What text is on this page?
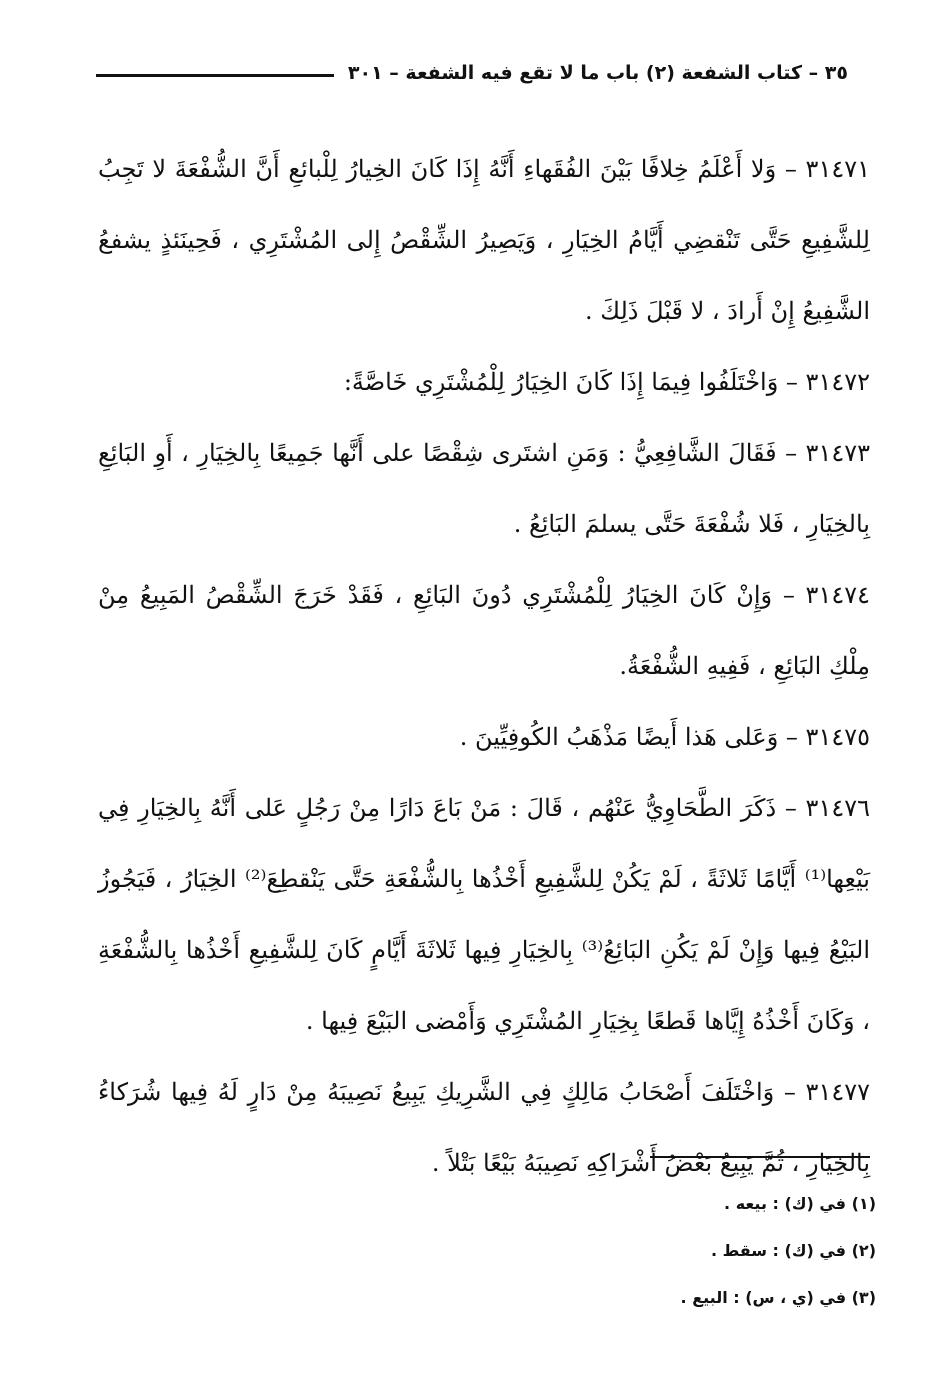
٣٥ – كتاب الشفعة (٢) باب ما لا تقع فيه الشفعة – ٣٠١

٣١٤٧١ – وَلا أَعْلَمُ خِلافًا بَيْنَ الفُقَهاءِ أَنَّهُ إِذَا كَانَ الخِيارُ لِلْبائعِ أَنَّ الشُّفْعَةَ لا تَجِبُ لِلشَّفِيعِ حَتَّى تَنْقضِي أَيَّامُ الخِيَارِ ، وَيَصِيرُ الشِّقْصُ إِلى المُشْتَرِي ، فَحِينَئذٍ يشفعُ الشَّفِيعُ إِنْ أَرادَ ، لا قَبْلَ ذَلِكَ .

٣١٤٧٢ – وَاخْتَلَفُوا فِيمَا إِذَا كَانَ الخِيَارُ لِلْمُشْتَرِي خَاصَّةً:

٣١٤٧٣ – فَقَالَ الشَّافِعِيُّ : وَمَنِ اشتَرى شِقْصًا على أَنَّها جَمِيعًا بِالخِيَارِ ، أَوِ البَائِعِ بِالخِيَارِ ، فَلا شُفْعَةَ حَتَّى يسلمَ البَائِعُ .

٣١٤٧٤ – وَإِنْ كَانَ الخِيَارُ لِلْمُشْتَرِي دُونَ البَائِعِ ، فَقَدْ خَرَجَ الشِّقْصُ المَبِيعُ مِنْ مِلْكِ البَائِعِ ، فَفِيهِ الشُّفْعَةُ.

٣١٤٧٥ – وَعَلى هَذا أَيضًا مَذْهَبُ الكُوفِيِّينَ .

٣١٤٧٦ – ذَكَرَ الطَّحَاوِيُّ عَنْهُم ، قَالَ : مَنْ بَاعَ دَارًا مِنْ رَجُلٍ عَلى أَنَّهُ بِالخِيَارِ فِي بَيْعِها⁽¹⁾ أَيَّامًا ثَلاثَةً ، لَمْ يَكُنْ لِلشَّفِيعِ أَخْذُها بِالشُّفْعَةِ حَتَّى يَنْقطِعَ⁽²⁾ الخِيَارُ ، فَيَجُوزُ البَيْعُ فِيها وَإِنْ لَمْ يَكُنِ البَائِعُ⁽³⁾ بِالخِيَارِ فِيها ثَلاثَةَ أَيَّامٍ كَانَ لِلشَّفِيعِ أَخْذُها بِالشُّفْعَةِ ، وَكَانَ أَخْذُهُ إِيَّاها قَطعًا بِخِيَارِ المُشْتَرِي وَأَمْضى البَيْعَ فِيها .

٣١٤٧٧ – وَاخْتَلَفَ أَصْحَابُ مَالِكٍ فِي الشَّرِيكِ يَبِيعُ نَصِيبَهُ مِنْ دَارٍ لَهُ فِيها شُرَكاءُ بِالخِيَارِ ، ثُمَّ يَبِيعُ بَعْضُ أَشْرَاكِهِ نَصِيبَهُ بَيْعًا بَتْلاً .

(١) في (ك) : بيعه .

(٢) في (ك) : سقط .

(٣) في (ي ، س) : البيع .
